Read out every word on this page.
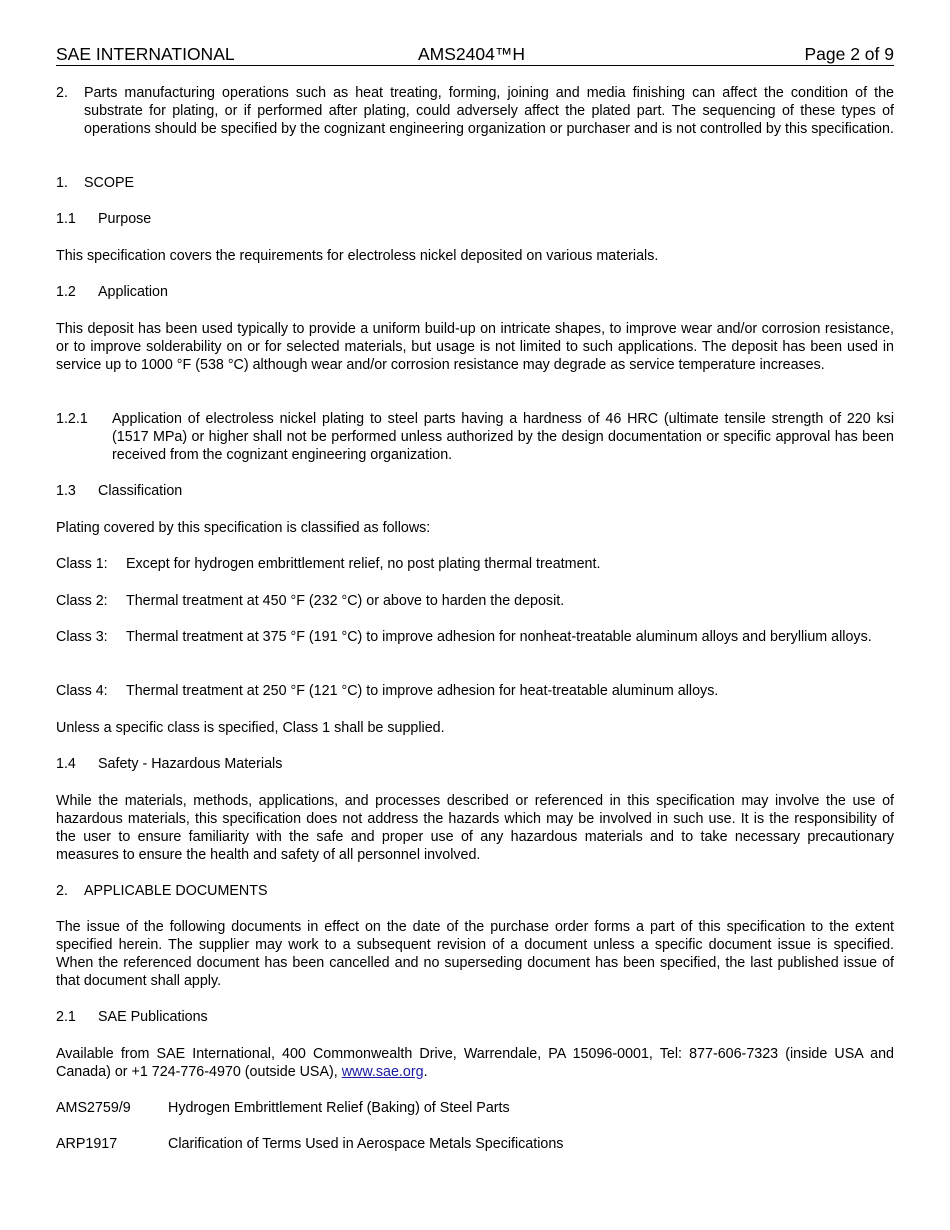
SAE INTERNATIONAL	AMS2404™H	Page 2 of 9
2.	Parts manufacturing operations such as heat treating, forming, joining and media finishing can affect the condition of the substrate for plating, or if performed after plating, could adversely affect the plated part. The sequencing of these types of operations should be specified by the cognizant engineering organization or purchaser and is not controlled by this specification.
1. SCOPE
1.1 Purpose

This specification covers the requirements for electroless nickel deposited on various materials.

1.2 Application

This deposit has been used typically to provide a uniform build-up on intricate shapes, to improve wear and/or corrosion resistance, or to improve solderability on or for selected materials, but usage is not limited to such applications. The deposit has been used in service up to 1000 °F (538 °C) although wear and/or corrosion resistance may degrade as service temperature increases.

1.2.1	Application of electroless nickel plating to steel parts having a hardness of 46 HRC (ultimate tensile strength of 220 ksi (1517 MPa) or higher shall not be performed unless authorized by the design documentation or specific approval has been received from the cognizant engineering organization.
1.3 Classification

Plating covered by this specification is classified as follows:

Class 1:	Except for hydrogen embrittlement relief, no post plating thermal treatment.
Class 2:	Thermal treatment at 450 °F (232 °C) or above to harden the deposit.
Class 3:	Thermal treatment at 375 °F (191 °C) to improve adhesion for nonheat-treatable aluminum alloys and beryllium alloys.
Class 4:	Thermal treatment at 250 °F (121 °C) to improve adhesion for heat-treatable aluminum alloys.

Unless a specific class is specified, Class 1 shall be supplied.

1.4 Safety - Hazardous Materials

While the materials, methods, applications, and processes described or referenced in this specification may involve the use of hazardous materials, this specification does not address the hazards which may be involved in such use. It is the responsibility of the user to ensure familiarity with the safe and proper use of any hazardous materials and to take necessary precautionary measures to ensure the health and safety of all personnel involved.

2. APPLICABLE DOCUMENTS

The issue of the following documents in effect on the date of the purchase order forms a part of this specification to the extent specified herein. The supplier may work to a subsequent revision of a document unless a specific document issue is specified. When the referenced document has been cancelled and no superseding document has been specified, the last published issue of that document shall apply.

2.1 SAE Publications

Available from SAE International, 400 Commonwealth Drive, Warrendale, PA 15096-0001, Tel: 877-606-7323 (inside USA and Canada) or +1 724-776-4970 (outside USA), www.sae.org.

AMS2759/9	Hydrogen Embrittlement Relief (Baking) of Steel Parts
ARP1917	Clarification of Terms Used in Aerospace Metals Specifications
